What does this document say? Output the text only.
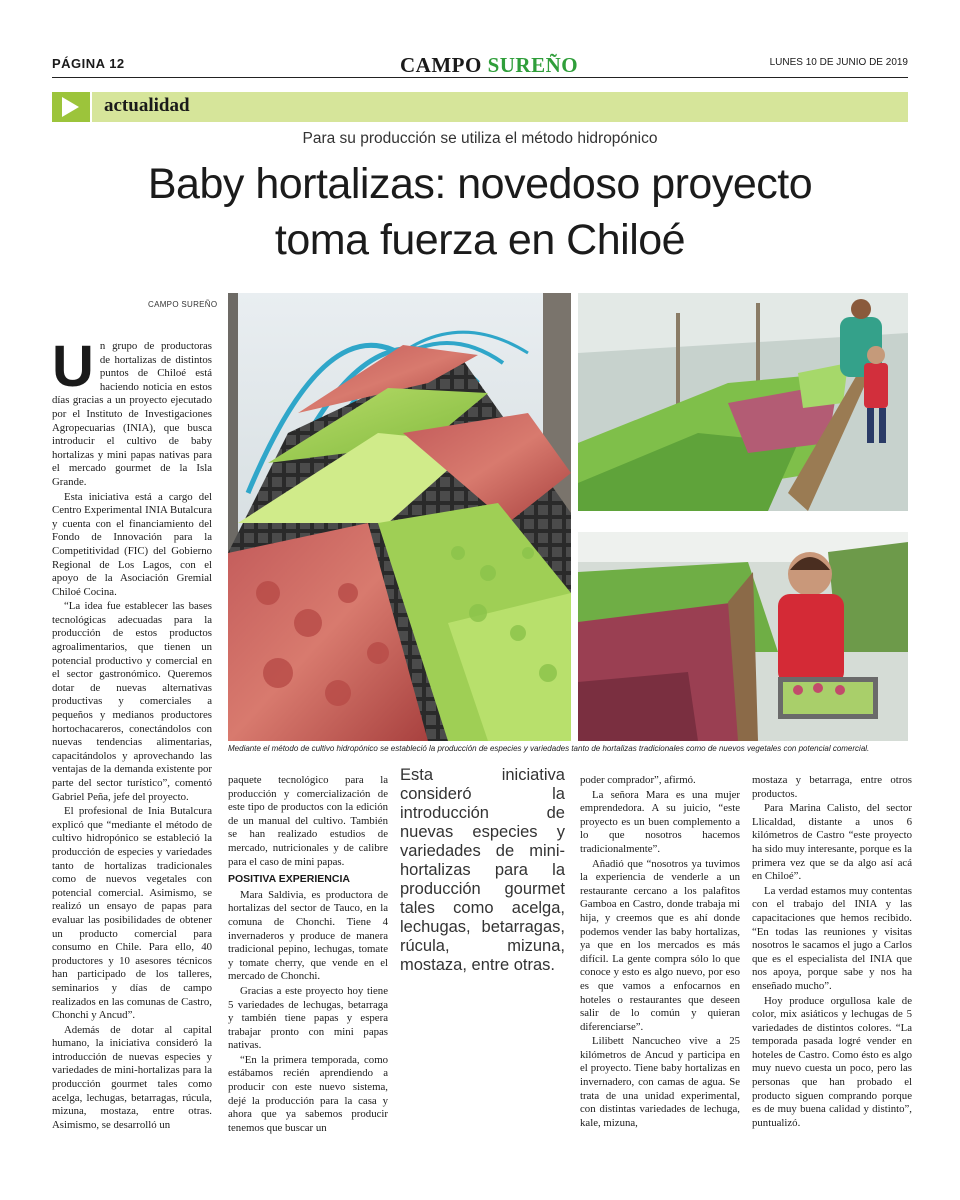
PÁGINA 12	CAMPO SUREÑO	LUNES 10 DE JUNIO DE 2019
actualidad
Para su producción se utiliza el método hidropónico
Baby hortalizas: novedoso proyecto
toma fuerza en Chiloé
CAMPO SUREÑO
U n grupo de productoras de hortalizas de distintos puntos de Chiloé está haciendo noticia en estos días gracias a un proyecto ejecutado por el Instituto de Investigaciones Agropecuarias (INIA), que busca introducir el cultivo de baby hortalizas y mini papas nativas para el mercado gourmet de la Isla Grande.

Esta iniciativa está a cargo del Centro Experimental INIA Butalcura y cuenta con el financiamiento del Fondo de Innovación para la Competitividad (FIC) del Gobierno Regional de Los Lagos, con el apoyo de la Asociación Gremial Chiloé Cocina.

“La idea fue establecer las bases tecnológicas adecuadas para la producción de estos productos agroalimentarios, que tienen un potencial productivo y comercial en el sector gastronómico. Queremos dotar de nuevas alternativas productivas y comerciales a pequeños y medianos productores hortochacareros, conectándolos con nuevas tendencias alimentarias, capacitándolos y aprovechando las ventajas de la demanda existente por parte del sector turístico”, comentó Gabriel Peña, jefe del proyecto.

El profesional de Inia Butalcura explicó que “mediante el método de cultivo hidropónico se estableció la producción de especies y variedades tanto de hortalizas tradicionales como de nuevos vegetales con potencial comercial. Asimismo, se realizó un ensayo de papas para evaluar las posibilidades de obtener un producto comercial para consumo en Chile. Para ello, 40 productores y 10 asesores técnicos han participado de los talleres, seminarios y días de campo realizados en las comunas de Castro, Chonchi y Ancud”.

Además de dotar al capital humano, la iniciativa consideró la introducción de nuevas especies y variedades de mini-hortalizas para la producción gourmet tales como acelga, lechugas, betarragas, rúcula, mizuna, mostaza, entre otras. Asimismo, se desarrolló un

Mediante el método de cultivo hidropónico se estableció la producción de especies y variedades tanto de hortalizas tradicionales como de nuevos vegetales con potencial comercial.

paquete tecnológico para la producción y comercialización de este tipo de productos con la edición de un manual del cultivo. También se han realizado estudios de mercado, nutricionales y de calibre para el caso de mini papas.

POSITIVA EXPERIENCIA

Mara Saldivia, es productora de hortalizas del sector de Tauco, en la comuna de Chonchi. Tiene 4 invernaderos y produce de manera tradicional pepino, lechugas, tomate y tomate cherry, que vende en el mercado de Chonchi.

Gracias a este proyecto hoy tiene 5 variedades de lechugas, betarraga y también tiene papas y espera trabajar pronto con mini papas nativas.

“En la primera temporada, como estábamos recién aprendiendo a producir con este nuevo sistema, dejé la producción para la casa y ahora que ya sabemos producir tenemos que buscar un

Esta iniciativa consideró la introducción de nuevas especies y variedades de mini-hortalizas para la producción gourmet tales como acelga, lechugas, betarragas, rúcula, mizuna, mostaza, entre otras.

poder comprador”, afirmó.

La señora Mara es una mujer emprendedora. A su juicio, “este proyecto es un buen complemento a lo que nosotros hacemos tradicionalmente”.

Añadió que “nosotros ya tuvimos la experiencia de venderle a un restaurante cercano a los palafitos Gamboa en Castro, donde trabaja mi hija, y creemos que es ahí donde podemos vender las baby hortalizas, ya que en los mercados es más difícil. La gente compra sólo lo que conoce y esto es algo nuevo, por eso es que vamos a enfocarnos en hoteles o restaurantes que deseen salir de lo común y quieran diferenciarse”.

Lilibett Nancucheo vive a 25 kilómetros de Ancud y participa en el proyecto. Tiene baby hortalizas en invernadero, con camas de agua. Se trata de una unidad experimental, con distintas variedades de lechuga, kale, mizuna,

mostaza y betarraga, entre otros productos.

Para Marina Calisto, del sector Llicaldad, distante a unos 6 kilómetros de Castro “este proyecto ha sido muy interesante, porque es la primera vez que se da algo así acá en Chiloé”.

La verdad estamos muy contentas con el trabajo del INIA y las capacitaciones que hemos recibido. “En todas las reuniones y visitas nosotros le sacamos el jugo a Carlos que es el especialista del INIA que nos apoya, porque sabe y nos ha enseñado mucho”.

Hoy produce orgullosa kale de color, mix asiáticos y lechugas de 5 variedades de distintos colores. “La temporada pasada logré vender en hoteles de Castro. Como ésto es algo muy nuevo cuesta un poco, pero las personas que han probado el producto siguen comprando porque es de muy buena calidad y distinto”, puntualizó.
